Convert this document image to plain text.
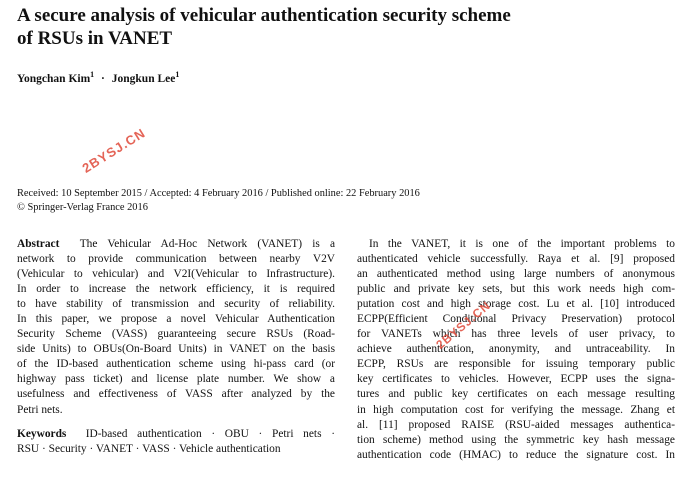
A secure analysis of vehicular authentication security scheme
of RSUs in VANET
Yongchan Kim$^1$ · Jongkun Lee$^1$
2BYSJ.CN
Received: 10 September 2015 / Accepted: 4 February 2016 / Published online: 22 February 2016
© Springer-Verlag France 2016
Abstract The Vehicular Ad-Hoc Network (VANET) is a
network to provide communication between nearby V2V
(Vehicular to vehicular) and V2I(Vehicular to Infrastructure).
In order to increase the network efficiency, it is required
to have stability of transmission and security of reliability.
In this paper, we propose a novel Vehicular Authentication
Security Scheme (VASS) guaranteeing secure RSUs (Road-
side Units) to OBUs(On-Board Units) in VANET on the basis
of the ID-based authentication scheme using hi-pass card (or
highway pass ticket) and license plate number. We show a
usefulness and effectiveness of VASS after analyzed by the
Petri nets.
Keywords ID-based authentication · OBU · Petri nets ·
RSU · Security · VANET · VASS · Vehicle authentication
In the VANET, it is one of the important problems to
authenticated vehicle successfully. Raya et al. [9] proposed
an authenticated method using large numbers of anonymous
public and private key sets, but this work needs high com-
putation cost and high storage cost. Lu et al. [10] introduced
ECPP(Efficient Conditional Privacy Preservation) protocol
for VANETs which has three levels of user privacy, to
achieve authentication, anonymity, and untraceability. In
ECPP, RSUs are responsible for issuing temporary public
key certificates to vehicles. However, ECPP uses the signa-
tures and public key certificates on each message resulting
in high computation cost for verifying the message. Zhang et
al. [11] proposed RAISE (RSU-aided messages authentica-
tion scheme) method using the symmetric key hash message
authentication code (HMAC) to reduce the signature cost. In
2BYSJ.CN
